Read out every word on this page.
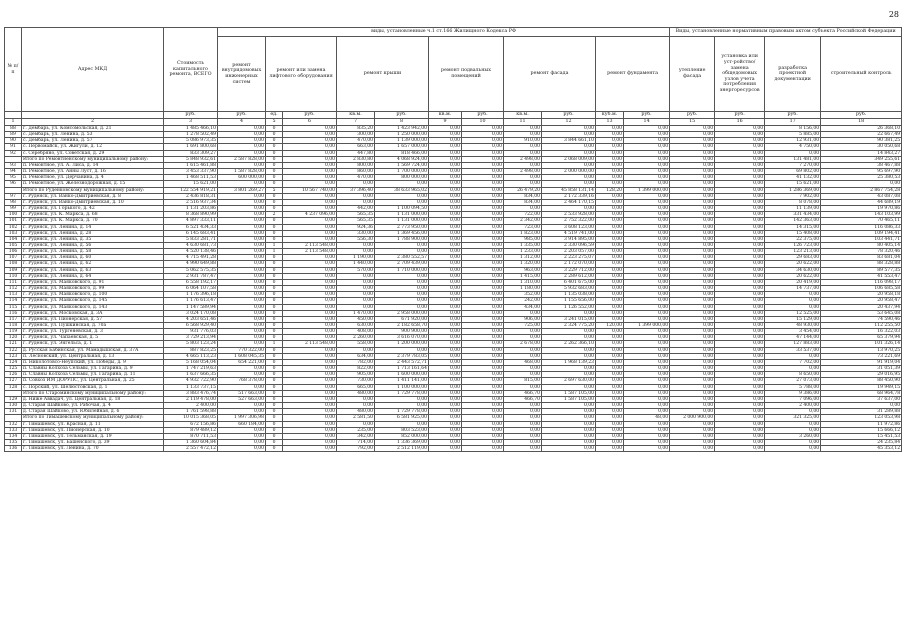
28
№ п/п	Адрес МКД	Стоимость капитального ремонта, ВСЕГО	виды, установленные ч.1 ст.166 Жилищного Кодекса РФ											Виды, установленные нормативным правовым актом субъекта Российской Федерации			
			ремонт внутридомовых инженерных систем	ремонт или замена лифтового оборудования		ремонт крыши		ремонт подвальных помещений		ремонт фасада		ремонт фундамента		утепление фасада	установка или уст-ройство/замена общедомовых узлов учета потребления энергоресурсов	разработка проектной документации	строительный контроль
		руб.	руб.	ед.	руб.	кв.м.	руб.	кв.м.	руб.	кв.м.	руб.	куб.м.	руб.	руб.	руб.	руб.	руб.
1	2	3	4	5	6	7	8	9	10	11	12	13	14	15	16	17	18
88	г. Дембарь, ул. Комсомольская, д. 21	1 485 466,10	0,00	0	0,00	835,20	1 423 942,00	0,00	0,00	0,00	0,00	0,00	0,00	0,00	0,00	8 156,00	26 368,10
89	с. Дембарь, ул. Ленина, д. 53	1 278 502,49	0,00	0	0,00	300,00	1 250 000,00	0,00	0,00	0,00	0,00	0,00	0,00	0,00	0,00	5 885,00	22 667,49
90	с. Дембарь, ул. Ленина, д. 57	5 086 973,35	0,00	0	0,00	470,00	1 139 000,00	0,00	0,00	910,00	3 844 661,10	0,00	0,00	0,00	0,00	12 931,00	90 381,25
91	с. Первомайск, ул. Жигули, д. 12	1 691 800,68	0,00	0	0,00	663,00	1 657 000,00	0,00	0,00	0,00	0,00	0,00	0,00	0,00	0,00	4 750,00	30 050,68
92	с. Серебряно, ул. Советская, д. 29	833 309,27	0,00	0	0,00	447,80	818 466,00	0,00	0,00	0,00	0,00	0,00	0,00	0,00	0,00	0,00	14 843,27
	Итого по Ремонтненскому муниципальному району:	5 848 932,61	2 587 828,00	0	0,00	2 830,80	4 068 924,00	0,00	0,00	2 498,00	2 068 009,00	0,00	0,00	0,00	0,00	131 481,00	349 255,61
93	п. Ремонтное, ул. А. Лиса, д. 14	1 615 461,88	0,00	0	0,00	800,00	1 569 724,00	0,00	0,00	0,00	0,00	0,00	0,00	0,00	0,00	7 270,00	38 467,88
94	п. Ремонтное, ул. Анны Луст, д. 16	3 453 337,90	1 587 828,00	0	0,00	860,00	1 700 000,00	0,00	0,00	2 498,00	2 000 000,00	0,00	0,00	0,00	0,00	69 802,00	95 697,90
95	п. Ремонтное, ул. Дерчанина, д. 4	1 468 511,53	600 000,00	0	0,00	470,00	800 000,00	0,00	0,00	0,00	0,00	0,00	0,00	0,00	0,00	41 132,00	25 380,53
96	п. Ремонтное, ул. Железнодорожная, д. 15	15 621,00	0,00	0	0,00	0,00	0,00	0,00	0,00	0,00	0,00	0,00	0,00	0,00	0,00	15 621,00	0,00
	Итого по Руденковскому муниципальному району:	122 554 919,21	3 801 269,27	5	10 567 740,00	37 396,40	38 633 965,02	0,00	0,00	26 479,20	45 858 131,14	128,20	1 399 000,00	0,00	0,00	1 286 369,00	2 867 754,28
97	г. Руденск, ул. Ванко-Дмитриевская, д. 8	2 436 818,31	0,00	0	0,00	0,00	0,00	0,00	0,00	834,00	2 172 339,16	0,00	0,00	0,00	0,00	7 902,00	43 087,08
98	г. Руденск, ул. Ванко-Дмитриевская, д. 10	2 516 937,34	0,00	0	0,00	0,00	0,00	0,00	0,00	834,00	2 464 170,15	0,00	0,00	0,00	0,00	8 078,00	44 689,19
99	г. Руденск, ул. Горького, д. 42	1 131 203,86	0,00	0	0,00	442,00	1 100 094,50	0,00	0,00	0,00	0,00	0,00	0,00	0,00	0,00	11 139,00	19 970,86
100	г. Руденск, ул. К. Маркса, д. 68	8 368 890,99	0,00	2	4 237 096,00	565,35	1 131 000,00	0,00	0,00	722,00	2 533 928,00	0,00	0,00	0,00	0,00	331 434,00	143 103,99
101	г. Руденск, ул. К. Маркса, д. 70	4 897 333,11	0,00	0	0,00	565,35	1 131 000,00	0,00	0,00	2 342,00	2 752 322,00	0,00	0,00	0,00	0,00	142 363,00	70 465,11
102	г. Руденск, ул. Ленина, д. 14	6 521 434,33	0,00	0	0,00	924,36	2 773 950,00	0,00	0,00	723,00	3 608 123,00	0,00	0,00	0,00	0,00	14 315,00	116 086,33
103	г. Руденск, ул. Ленина, д. 28	6 145 683,41	0,00	0	0,00	330,00	1 369 456,00	0,00	0,00	1 823,00	4 519 741,00	0,00	0,00	0,00	0,00	15 408,00	109 194,41
104	г. Руденск, ул. Ленина, д. 35	5 833 281,71	0,00	0	0,00	556,30	1 788 900,00	0,00	0,00	985,00	3 914 895,00	0,00	0,00	0,00	0,00	22 375,00	103 441,71
105	г. Руденск, ул. Ленина, д. 56	4 630 681,73	0,00	1	2 113 548,00	0,00	0,00	0,00	0,00	1 335,00	2 330 096,59	0,00	0,00	0,00	0,00	126 723,00	80 405,14
106	г. Руденск, ул. Ленина, д. 58	4 520 138,46	0,00	1	2 113 548,00	0,00	0,00	0,00	0,00	1 233,00	2 203 057,00	0,00	0,00	0,00	0,00	123 213,00	78 320,46
107	г. Руденск, ул. Ленина, д. 60	4 715 491,28	0,00	0	0,00	1 190,00	2 380 552,57	0,00	0,00	1 312,00	2 223 275,07	0,00	0,00	0,00	0,00	29 683,00	83 681,04
108	г. Руденск, ул. Ленина, д. 62	4 990 649,88	0,00	0	0,00	1 440,00	2 709 439,00	0,00	0,00	1 320,00	2 172 070,00	0,00	0,00	0,00	0,00	20 622,00	88 328,88
109	г. Руденск, ул. Ленина, д. 63	5 062 575,35	0,00	0	0,00	570,00	1 710 000,00	0,00	0,00	963,00	3 229 712,00	0,00	0,00	0,00	0,00	34 630,00	89 577,35
110	г. Руденск, ул. Ленина, д. 64	2 931 787,47	0,00	0	0,00	0,00	0,00	0,00	0,00	1 415,00	2 289 612,00	0,00	0,00	0,00	0,00	20 622,00	41 553,47
111	г. Руденск, ул. Маяковского, д. 91	6 558 192,17	0,00	0	0,00	0,00	0,00	0,00	0,00	1 310,00	6 401 675,00	0,00	0,00	0,00	0,00	20 419,00	116 098,17
112	г. Руденск, ул. Маяковского, д. 99	6 064 107,58	0,00	0	0,00	0,00	0,00	0,00	0,00	1 180,00	5 932 683,00	0,00	0,00	0,00	0,00	14 737,00	106 685,58
113	г. Руденск, ул. Маяковского, д. 100	1 176 396,18	0,00	0	0,00	0,00	0,00	0,00	0,00	352,00	1 135 038,00	0,00	0,00	0,00	0,00	0,00	20 958,18
114	г. Руденск, ул. Маяковского, д. 145	1 176 613,47	0,00	0	0,00	0,00	0,00	0,00	0,00	242,00	1 155 656,00	0,00	0,00	0,00	0,00	0,00	20 958,47
115	г. Руденск, ул. Маяковского, д. 143	1 147 589,94	0,00	0	0,00	0,00	0,00	0,00	0,00	434,00	1 126 552,00	0,00	0,00	0,00	0,00	0,00	20 437,94
116	г. Руденск, ул. Московская, д. 3А	3 024 170,08	0,00	0	0,00	1 470,00	2 958 000,00	0,00	0,00	0,00	0,00	0,00	0,00	0,00	0,00	12 525,00	53 645,08
117	г. Руденск, ул. Пионерская, д. 57	4 203 651,46	0,00	0	0,00	450,00	671 920,00	0,00	0,00	906,00	3 241 015,00	0,00	0,00	0,00	0,00	15 129,00	74 590,46
118	г. Руденск, ул. Пушкинская, д. 70а	6 568 929,40	0,00	0	0,00	630,00	2 182 658,70	0,00	0,00	725,00	2 324 775,20	120,00	1 399 000,00	0,00	0,00	48 930,00	112 255,50
119	г. Руденск, ул. Тургеневская, д. 3	931 776,03	0,00	0	0,00	408,00	900 900,00	0,00	0,00	0,00	0,00	0,00	0,00	0,00	0,00	3 454,00	16 322,03
120	г. Руденск, ул. Чапаевская, д. 5	3 729 213,94	0,00	0	0,00	2 260,00	3 616 070,00	0,00	0,00	0,00	0,00	0,00	0,00	0,00	0,00	47 144,00	65 379,94
121	г. Руденск, ул. Энгельса, д. 1	5 803 123,24	0,00	1	2 113 548,00	558,00	1 200 000,00	0,00	0,00	2 678,00	2 262 366,10	0,00	0,00	0,00	0,00	127 883,00	101 326,14
122	д. Русская Бабинская, ул. Мамадышская, д. 37А	887 823,25	770 322,00	0	0,00	0,00	0,00	0,00	0,00	0,00	0,00	0,00	0,00	0,00	0,00	33 537,00	13 970,25
123	п. Лесновский, ул. Центральная, д. 13	4 665 113,23	1 608 045,35	0	0,00	634,00	2 379 783,05	0,00	0,00	0,00	0,00	0,00	0,00	0,00	0,00	0,00	73 221,69
124	п. Николотовсо-Неупский, ул. Победы, д. 9	5 168 054,04	654 221,00	0	0,00	782,00	2 443 572,71	0,00	0,00	468,00	1 968 139,23	0,00	0,00	0,00	0,00	7 702,00	91 919,04
125	п. Славны Колхоза Сельмы, ул. Гагарина, д. 9	1 747 219,63	0,00	0	0,00	822,00	1 713 161,64	0,00	0,00	0,00	0,00	0,00	0,00	0,00	0,00	0,00	31 051,39
126	п. Славны Колхоза Сельмы, ул. Гагарина, д. 11	1 637 666,35	0,00	0	0,00	905,00	1 600 000,00	0,00	0,00	0,00	0,00	0,00	0,00	0,00	0,00	8 650,00	29 016,95
127	п. Совхоз ИМ ДОРУПС, ул. Центральная, д. 25	4 932 722,90	768 378,00	0	0,00	730,00	1 411 141,00	0,00	0,00	815,00	2 697 630,00	0,00	0,00	0,00	0,00	27 073,00	88 450,90
128	с. Порский, ул. Шелюстовская, д. 1	1 133 737,15	0,00	0	0,00	665,00	1 100 000,00	0,00	0,00	0,00	0,00	0,00	0,00	0,00	0,00	5 788,00	19 949,15
	Итого по Староминскому муниципальному району:	3 883 476,74	517 663,00	0	0,00	480,00	1 729 778,00	0,00	0,00	466,70	1 587 105,00	0,00	0,00	0,00	0,00	9 386,00	68 964,78
129	д. Ниже Аввадач, ул. Центральная, д. 18	2 119 478,00	527 663,00	0	0,00	0,00	0,00	0,00	0,00	466,70	1 587 105,00	0,00	0,00	0,00	0,00	7 096,00	37 637,00
130	д. Старая Шайково, ул. Рабочая, д. 4	2 400,00	0,00	0	0,00	0,00	0,00	0,00	0,00	0,00	0,00	0,00	0,00	0,00	0,00	2 400,00	0,00
131	д. Старая Шайково, ул. Юбилейная, д. 6	1 761 598,88	0,00	0	0,00	480,00	1 729 778,00	0,00	0,00	0,00	0,00	0,00	0,00	0,00	0,00	0,00	31 289,88
	Итого по Тимашевскому муниципальному району:	10 015 368,05	1 997 306,98	0	0,00	2 581,50	6 581 925,00	0,00	0,00	0,00	0,00	0,00	48,00	2 000 900,00	0,00	321 325,00	123 053,98
132	г. Тимашевск, ул. Красная, д. 11	672 156,86	660 184,00	0	0,00	0,00	0,00	0,00	0,00	0,00	0,00	0,00	0,00	0,00	0,00	0,00	11 972,86
133	г. Тимашевск, ул. Пионерская, д. 10	879 489,12	0,00	0	0,00	235,00	803 523,00	0,00	0,00	0,00	0,00	0,00	0,00	0,00	0,00	0,00	15 666,12
134	г. Тимашевск, ул. Тельманская, д. 19	870 711,53	0,00	0	0,00	342,00	852 000,00	0,00	0,00	0,00	0,00	0,00	0,00	0,00	0,00	3 260,00	15 451,53
135	г. Тимашевск, ул. Башенского, д. 39	1 360 604,84	0,00	0	0,00	714,00	1 336 369,00	0,00	0,00	0,00	0,00	0,00	0,00	0,00	0,00	0,00	24 235,84
136	г. Тимашевск, ул. Ленина, д. 70	2 557 472,12	0,00	0	0,00	792,00	2 512 119,00	0,00	0,00	0,00	0,00	0,00	0,00	0,00	0,00	0,00	45 353,12
